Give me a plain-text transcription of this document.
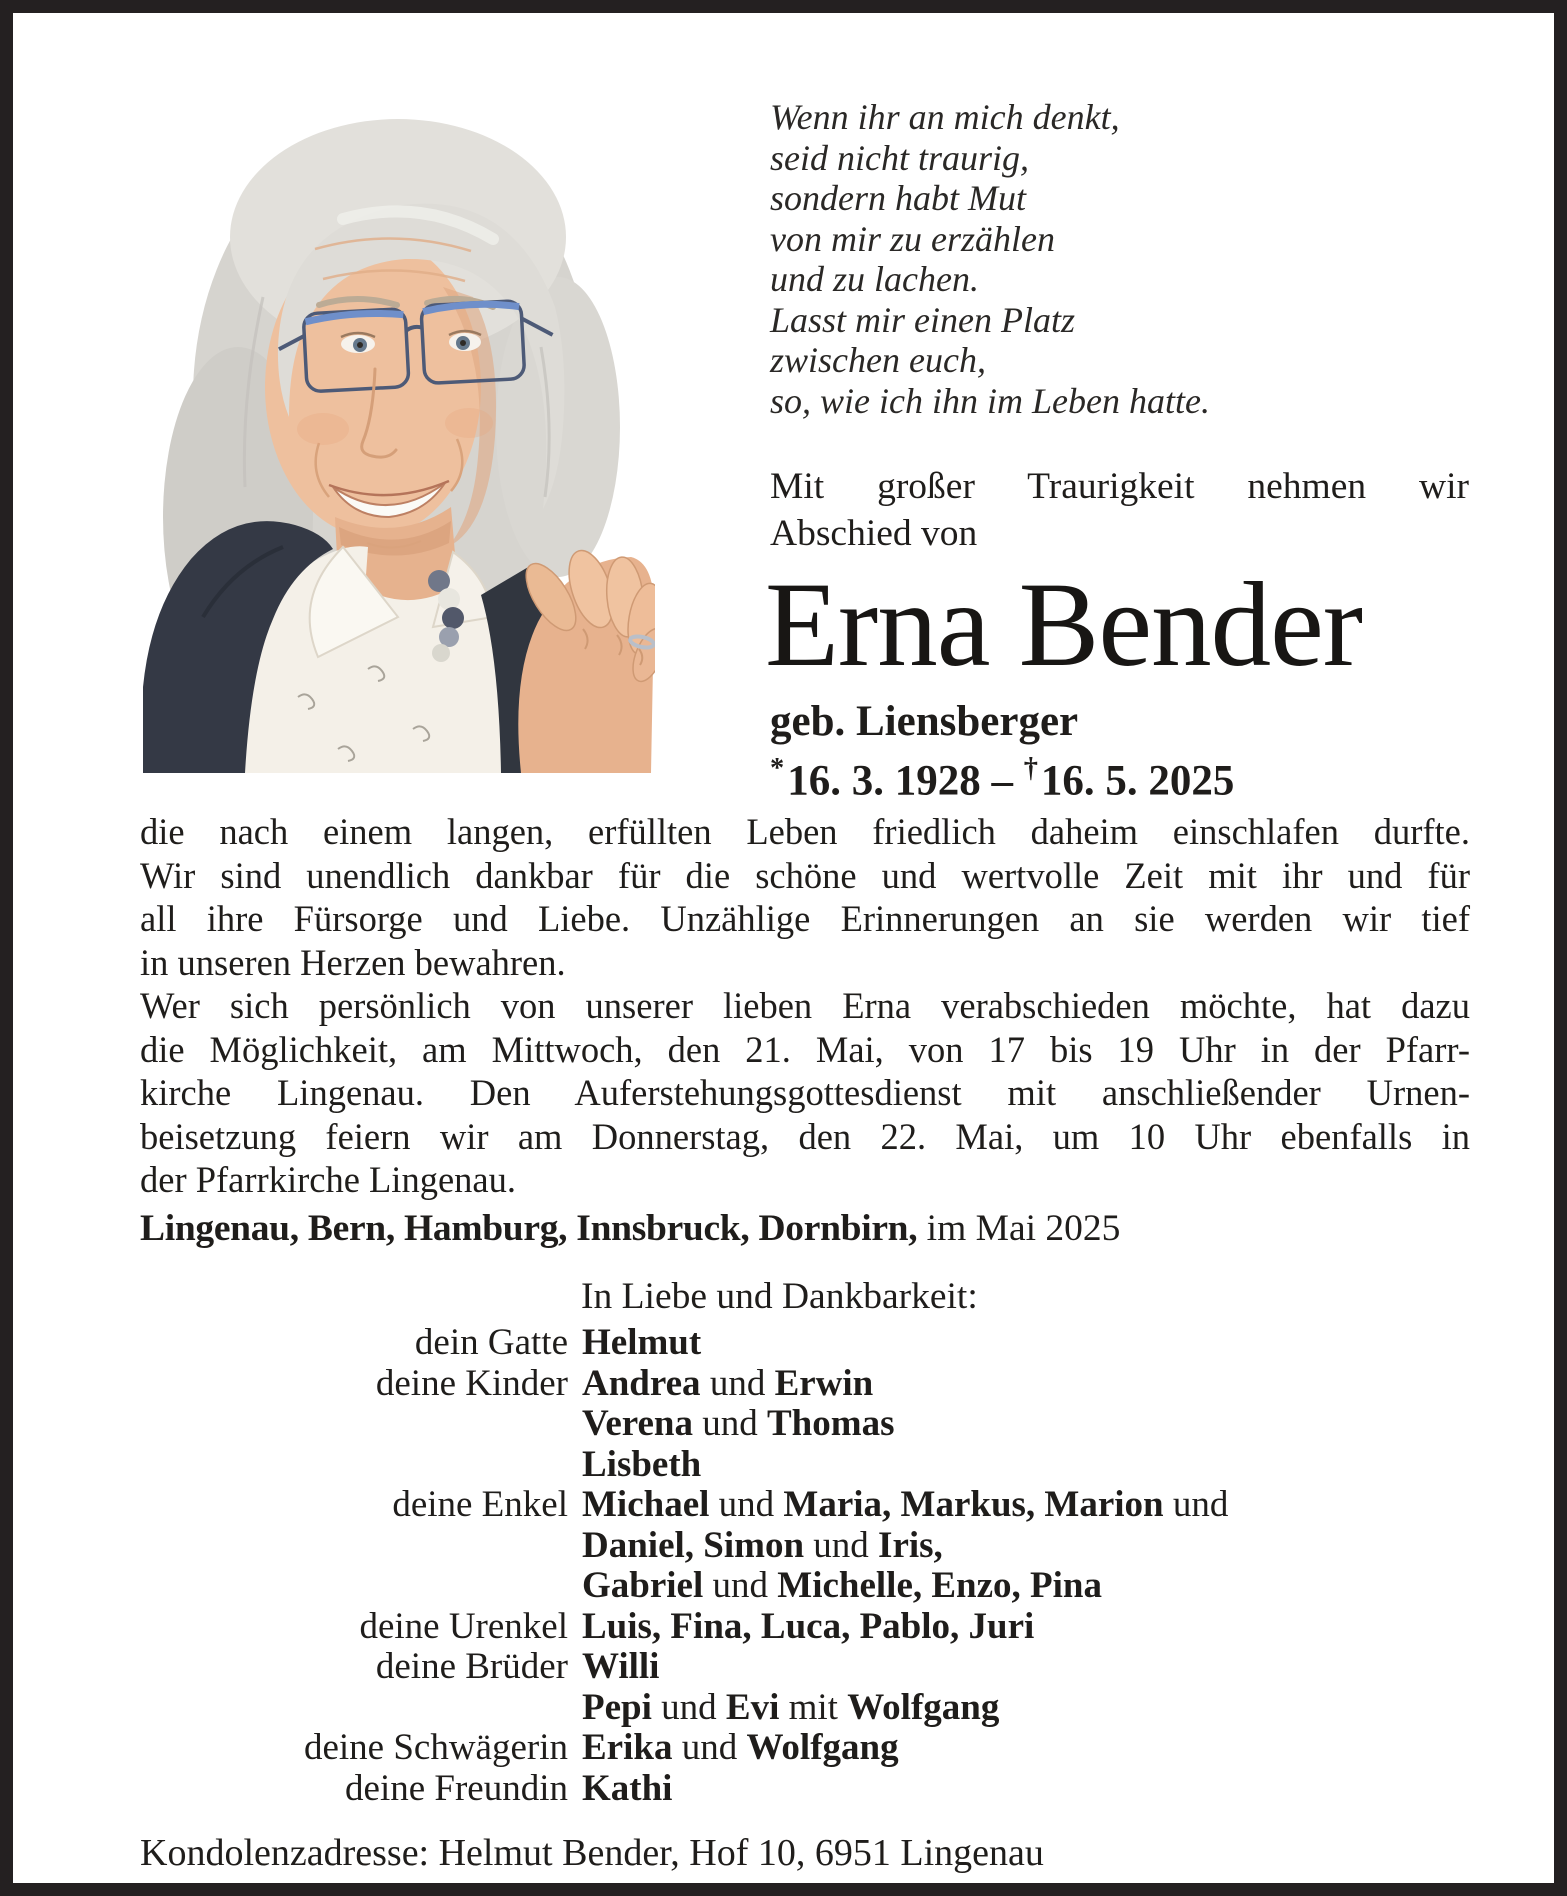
Wenn ihr an mich denkt,
seid nicht traurig,
sondern habt Mut
von mir zu erzählen
und zu lachen.
Lasst mir einen Platz
zwischen euch,
so, wie ich ihn im Leben hatte.
Mit großer Traurigkeit nehmen wir
Abschied von
Erna Bender
geb. Liensberger
*16. 3. 1928 – †16. 5. 2025
die nach einem langen, erfüllten Leben friedlich daheim einschlafen durfte.
Wir sind unendlich dankbar für die schöne und wertvolle Zeit mit ihr und für
all ihre Fürsorge und Liebe. Unzählige Erinnerungen an sie werden wir tief
in unseren Herzen bewahren.
Wer sich persönlich von unserer lieben Erna verabschieden möchte, hat dazu
die Möglichkeit, am Mittwoch, den 21. Mai, von 17 bis 19 Uhr in der Pfarr-
kirche Lingenau. Den Auferstehungsgottesdienst mit anschließender Urnen-
beisetzung feiern wir am Donnerstag, den 22. Mai, um 10 Uhr ebenfalls in
der Pfarrkirche Lingenau.
Lingenau, Bern, Hamburg, Innsbruck, Dornbirn, im Mai 2025
In Liebe und Dankbarkeit:
dein Gatte Helmut
deine Kinder Andrea und Erwin
Verena und Thomas
Lisbeth
deine Enkel Michael und Maria, Markus, Marion und
Daniel, Simon und Iris,
Gabriel und Michelle, Enzo, Pina
deine Urenkel Luis, Fina, Luca, Pablo, Juri
deine Brüder Willi
Pepi und Evi mit Wolfgang
deine Schwägerin Erika und Wolfgang
deine Freundin Kathi
Kondolenzadresse: Helmut Bender, Hof 10, 6951 Lingenau
